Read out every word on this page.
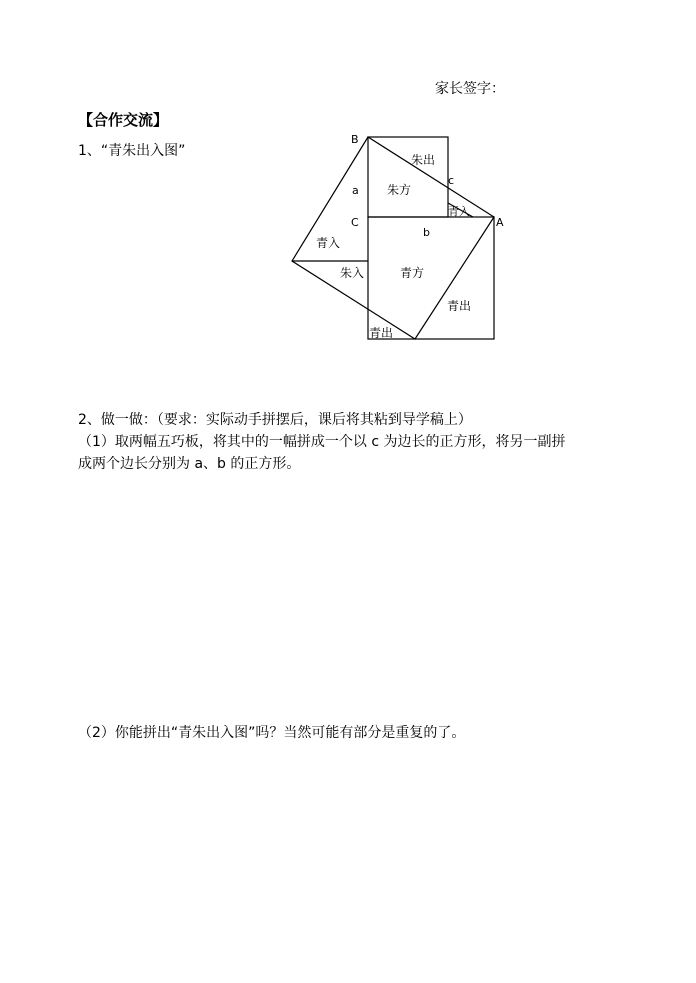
家长签字：
【合作交流】
1、“青朱出入图”
B
A
C
a
b
c
朱出
朱方
青入
青入
朱入	青方
青出
青出
2、做一做：（要求：实际动手拼摆后，课后将其粘到导学稿上）
（1）取两幅五巧板，将其中的一幅拼成一个以 c 为边长的正方形，将另一副拼
成两个边长分别为 a、b 的正方形。
（2）你能拼出“青朱出入图”吗？当然可能有部分是重复的了。
